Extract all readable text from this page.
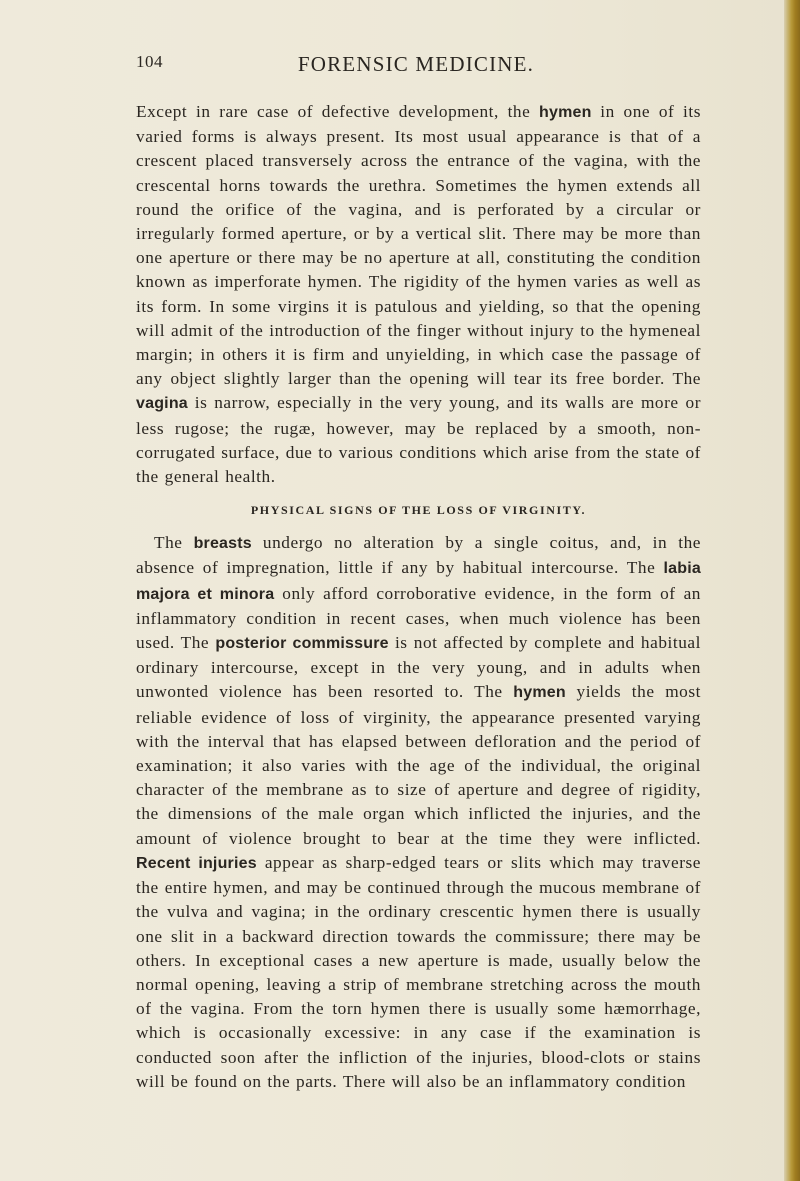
FORENSIC MEDICINE.
104

Except in rare case of defective development, the hymen in one of its varied forms is always present. Its most usual appearance is that of a crescent placed transversely across the entrance of the vagina, with the crescental horns towards the urethra. Sometimes the hymen extends all round the orifice of the vagina, and is perforated by a circular or irregularly formed aperture, or by a vertical slit. There may be more than one aperture or there may be no aperture at all, constituting the condition known as imperforate hymen. The rigidity of the hymen varies as well as its form. In some virgins it is patulous and yielding, so that the opening will admit of the introduction of the finger without injury to the hymeneal margin; in others it is firm and unyielding, in which case the passage of any object slightly larger than the opening will tear its free border. The vagina is narrow, especially in the very young, and its walls are more or less rugose; the rugæ, however, may be replaced by a smooth, non-corrugated surface, due to various conditions which arise from the state of the general health.

PHYSICAL SIGNS OF THE LOSS OF VIRGINITY.

The breasts undergo no alteration by a single coitus, and, in the absence of impregnation, little if any by habitual intercourse. The labia majora et minora only afford corroborative evidence, in the form of an inflammatory condition in recent cases, when much violence has been used. The posterior commissure is not affected by complete and habitual ordinary intercourse, except in the very young, and in adults when unwonted violence has been resorted to. The hymen yields the most reliable evidence of loss of virginity, the appearance presented varying with the interval that has elapsed between defloration and the period of examination; it also varies with the age of the individual, the original character of the membrane as to size of aperture and degree of rigidity, the dimensions of the male organ which inflicted the injuries, and the amount of violence brought to bear at the time they were inflicted. Recent injuries appear as sharp-edged tears or slits which may traverse the entire hymen, and may be continued through the mucous membrane of the vulva and vagina; in the ordinary crescentic hymen there is usually one slit in a backward direction towards the commissure; there may be others. In exceptional cases a new aperture is made, usually below the normal opening, leaving a strip of membrane stretching across the mouth of the vagina. From the torn hymen there is usually some hæmorrhage, which is occasionally excessive: in any case if the examination is conducted soon after the infliction of the injuries, blood-clots or stains will be found on the parts. There will also be an inflammatory condition
